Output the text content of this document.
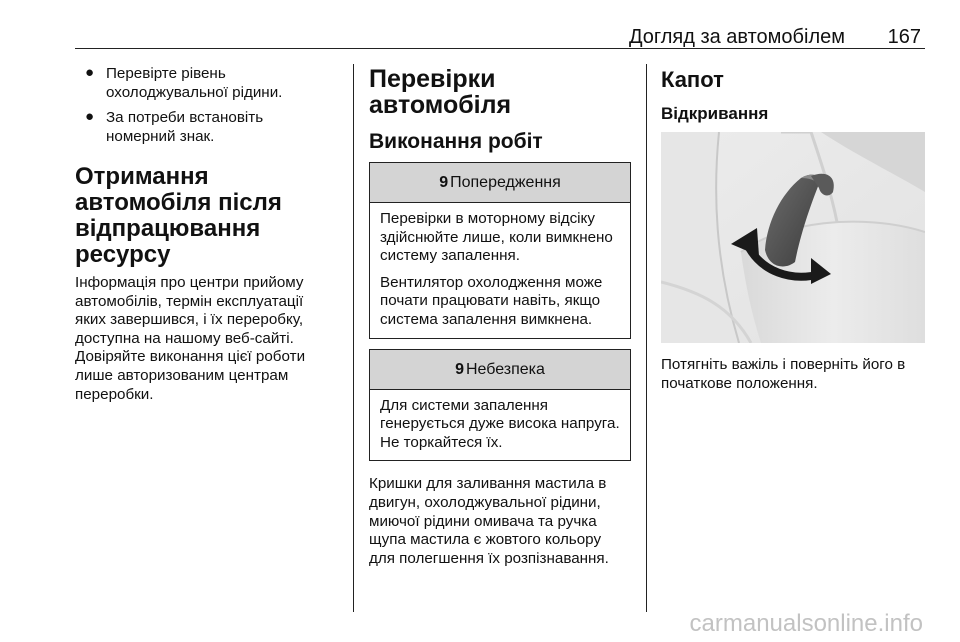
Догляд за автомобілем 167
● Перевірте рівень охолоджувальної рідини.
● За потреби встановіть номерний знак.
Отримання автомобіля після відпрацювання ресурсу
Інформація про центри прийому автомобілів, термін експлуатації яких завершився, і їх переробку, доступна на нашому веб-сайті. Довіряйте виконання цієї роботи лише авторизованим центрам переробки.
Перевірки автомобіля
Виконання робіт
9 Попередження

Перевірки в моторному відсіку здійснюйте лише, коли вимкнено систему запалення.

Вентилятор охолодження може почати працювати навіть, якщо система запалення вимкнена.

9 Небезпека

Для системи запалення генерується дуже висока напруга. Не торкайтеся їх.

Кришки для заливання мастила в двигун, охолоджувальної рідини, миючої рідини омивача та ручка щупа мастила є жовтого кольору для полегшення їх розпізнавання.
Капот
Відкривання
Потягніть важіль і поверніть його в початкове положення.
carmanualsonline.info
